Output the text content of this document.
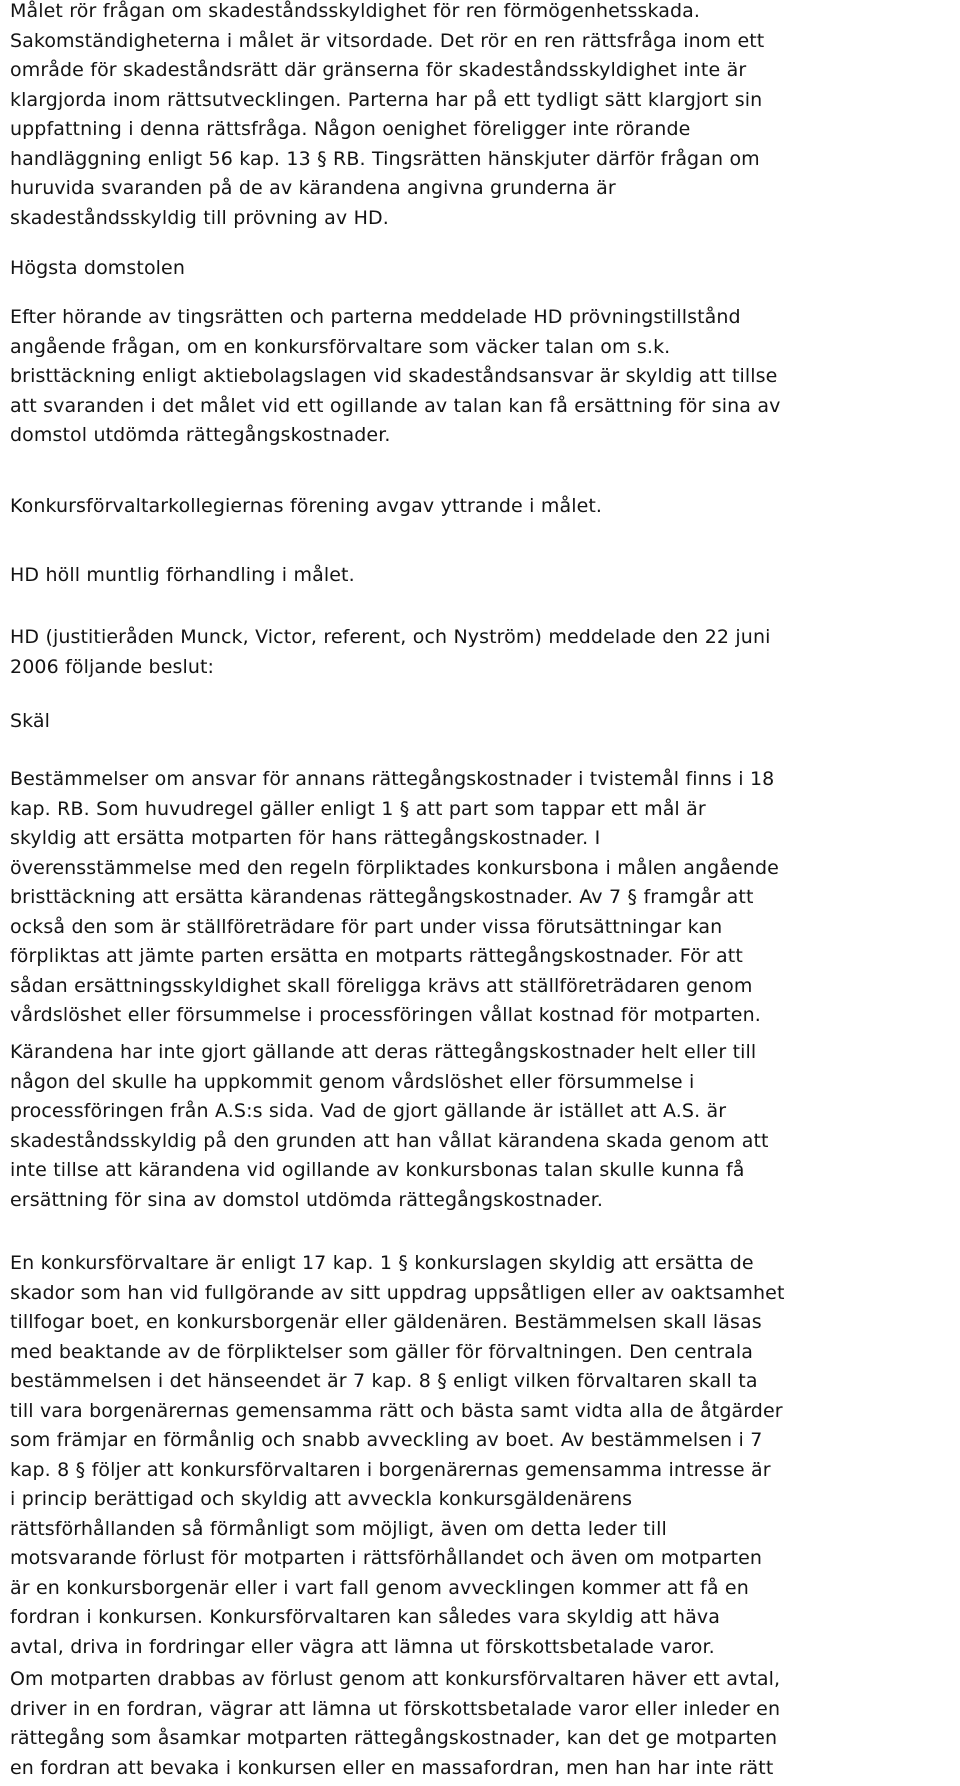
Målet rör frågan om skadeståndsskyldighet för ren förmögenhetsskada.
Sakomständigheterna i målet är vitsordade. Det rör en ren rättsfråga inom ett
område för skadeståndsrätt där gränserna för skadeståndsskyldighet inte är
klargjorda inom rättsutvecklingen. Parterna har på ett tydligt sätt klargjort sin
uppfattning i denna rättsfråga. Någon oenighet föreligger inte rörande
handläggning enligt 56 kap. 13 § RB. Tingsrätten hänskjuter därför frågan om
huruvida svaranden på de av kärandena angivna grunderna är
skadeståndsskyldig till prövning av HD.
Högsta domstolen
Efter hörande av tingsrätten och parterna meddelade HD prövningstillstånd
angående frågan, om en konkursförvaltare som väcker talan om s.k.
bristtäckning enligt aktiebolagslagen vid skadeståndsansvar är skyldig att tillse
att svaranden i det målet vid ett ogillande av talan kan få ersättning för sina av
domstol utdömda rättegångskostnader.
Konkursförvaltarkollegiernas förening avgav yttrande i målet.
HD höll muntlig förhandling i målet.
HD (justitieråden Munck, Victor, referent, och Nyström) meddelade den 22 juni
2006 följande beslut:
Skäl
Bestämmelser om ansvar för annans rättegångskostnader i tvistemål finns i 18
kap. RB. Som huvudregel gäller enligt 1 § att part som tappar ett mål är
skyldig att ersätta motparten för hans rättegångskostnader. I
överensstämmelse med den regeln förpliktades konkursbona i målen angående
bristtäckning att ersätta kärandenas rättegångskostnader. Av 7 § framgår att
också den som är ställföreträdare för part under vissa förutsättningar kan
förpliktas att jämte parten ersätta en motparts rättegångskostnader. För att
sådan ersättningsskyldighet skall föreligga krävs att ställföreträdaren genom
vårdslöshet eller försummelse i processföringen vållat kostnad för motparten.
Kärandena har inte gjort gällande att deras rättegångskostnader helt eller till
någon del skulle ha uppkommit genom vårdslöshet eller försummelse i
processföringen från A.S:s sida. Vad de gjort gällande är istället att A.S. är
skadeståndsskyldig på den grunden att han vållat kärandena skada genom att
inte tillse att kärandena vid ogillande av konkursbonas talan skulle kunna få
ersättning för sina av domstol utdömda rättegångskostnader.
En konkursförvaltare är enligt 17 kap. 1 § konkurslagen skyldig att ersätta de
skador som han vid fullgörande av sitt uppdrag uppsåtligen eller av oaktsamhet
tillfogar boet, en konkursborgenär eller gäldenären. Bestämmelsen skall läsas
med beaktande av de förpliktelser som gäller för förvaltningen. Den centrala
bestämmelsen i det hänseendet är 7 kap. 8 § enligt vilken förvaltaren skall ta
till vara borgenärernas gemensamma rätt och bästa samt vidta alla de åtgärder
som främjar en förmånlig och snabb avveckling av boet. Av bestämmelsen i 7
kap. 8 § följer att konkursförvaltaren i borgenärernas gemensamma intresse är
i princip berättigad och skyldig att avveckla konkursgäldenärens
rättsförhållanden så förmånligt som möjligt, även om detta leder till
motsvarande förlust för motparten i rättsförhållandet och även om motparten
är en konkursborgenär eller i vart fall genom avvecklingen kommer att få en
fordran i konkursen. Konkursförvaltaren kan således vara skyldig att häva
avtal, driva in fordringar eller vägra att lämna ut förskottsbetalade varor.
Om motparten drabbas av förlust genom att konkursförvaltaren häver ett avtal,
driver in en fordran, vägrar att lämna ut förskottsbetalade varor eller inleder en
rättegång som åsamkar motparten rättegångskostnader, kan det ge motparten
en fordran att bevaka i konkursen eller en massafordran, men han har inte rätt
